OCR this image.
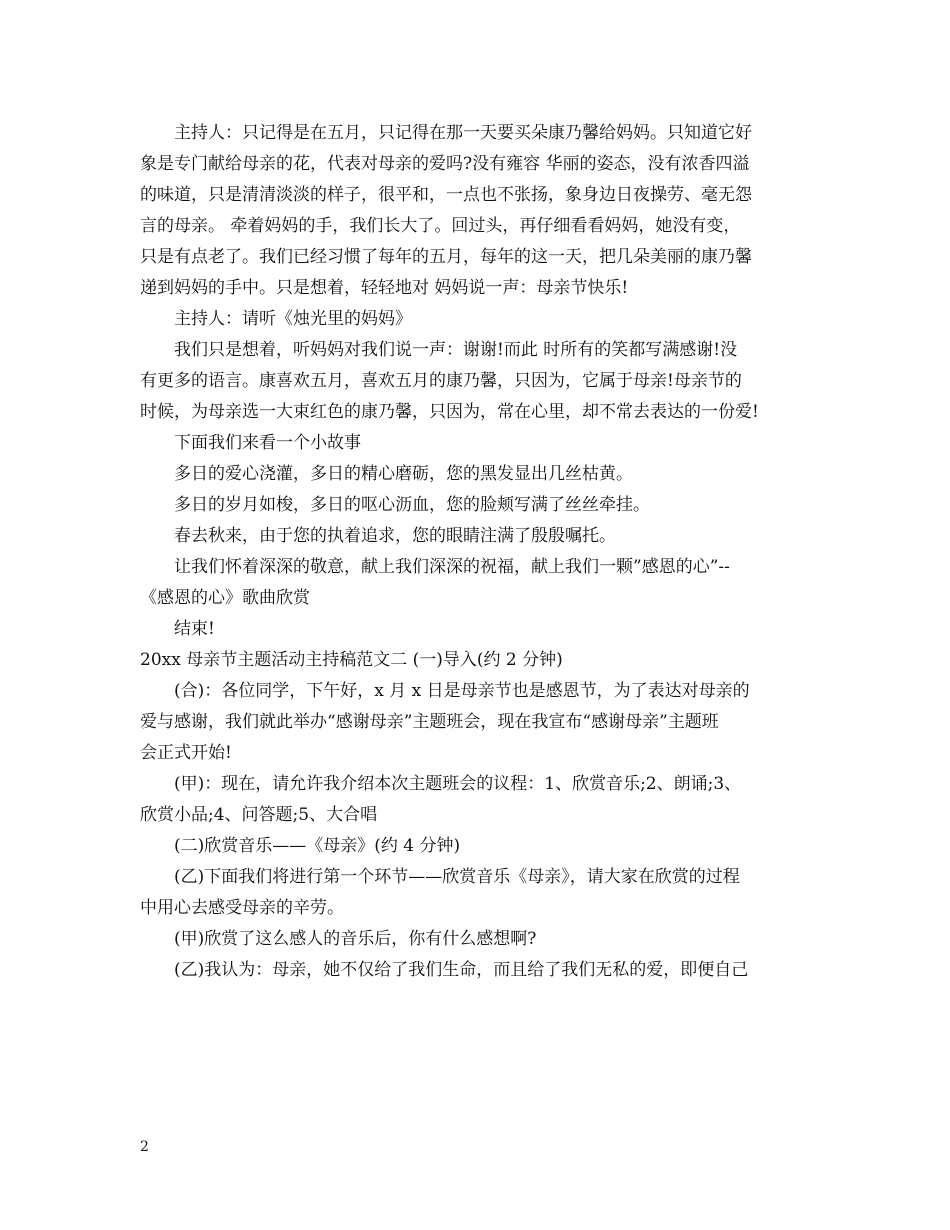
主持人：只记得是在五月，只记得在那一天要买朵康乃馨给妈妈。只知道它好

象是专门献给母亲的花，代表对母亲的爱吗?没有雍容 华丽的姿态，没有浓香四溢

的味道，只是清清淡淡的样子，很平和，一点也不张扬，象身边日夜操劳、毫无怨

言的母亲。 牵着妈妈的手，我们长大了。回过头，再仔细看看妈妈，她没有变，

只是有点老了。我们已经习惯了每年的五月，每年的这一天，把几朵美丽的康乃馨

递到妈妈的手中。只是想着，轻轻地对 妈妈说一声：母亲节快乐!

主持人：请听《烛光里的妈妈》

我们只是想着，听妈妈对我们说一声：谢谢!而此 时所有的笑都写满感谢!没

有更多的语言。康喜欢五月，喜欢五月的康乃馨，只因为，它属于母亲!母亲节的

时候，为母亲选一大束红色的康乃馨，只因为，常在心里，却不常去表达的一份爱!

下面我们来看一个小故事

多日的爱心浇灌，多日的精心磨砺，您的黑发显出几丝枯黄。

多日的岁月如梭，多日的呕心沥血，您的脸颊写满了丝丝牵挂。

春去秋来，由于您的执着追求，您的眼睛注满了殷殷嘱托。

让我们怀着深深的敬意，献上我们深深的祝福，献上我们一颗”感恩的心”--

《感恩的心》歌曲欣赏

结束!

20xx 母亲节主题活动主持稿范文二 (一)导入(约 2 分钟)

(合)：各位同学，下午好，x 月 x 日是母亲节也是感恩节，为了表达对母亲的

爱与感谢，我们就此举办“感谢母亲”主题班会，现在我宣布“感谢母亲”主题班

会正式开始!

(甲)：现在，请允许我介绍本次主题班会的议程：1、欣赏音乐;2、朗诵;3、

欣赏小品;4、问答题;5、大合唱

(二)欣赏音乐——《母亲》(约 4 分钟)

(乙)下面我们将进行第一个环节——欣赏音乐《母亲》，请大家在欣赏的过程

中用心去感受母亲的辛劳。

(甲)欣赏了这么感人的音乐后，你有什么感想啊?

(乙)我认为：母亲，她不仅给了我们生命，而且给了我们无私的爱，即便自己

2
